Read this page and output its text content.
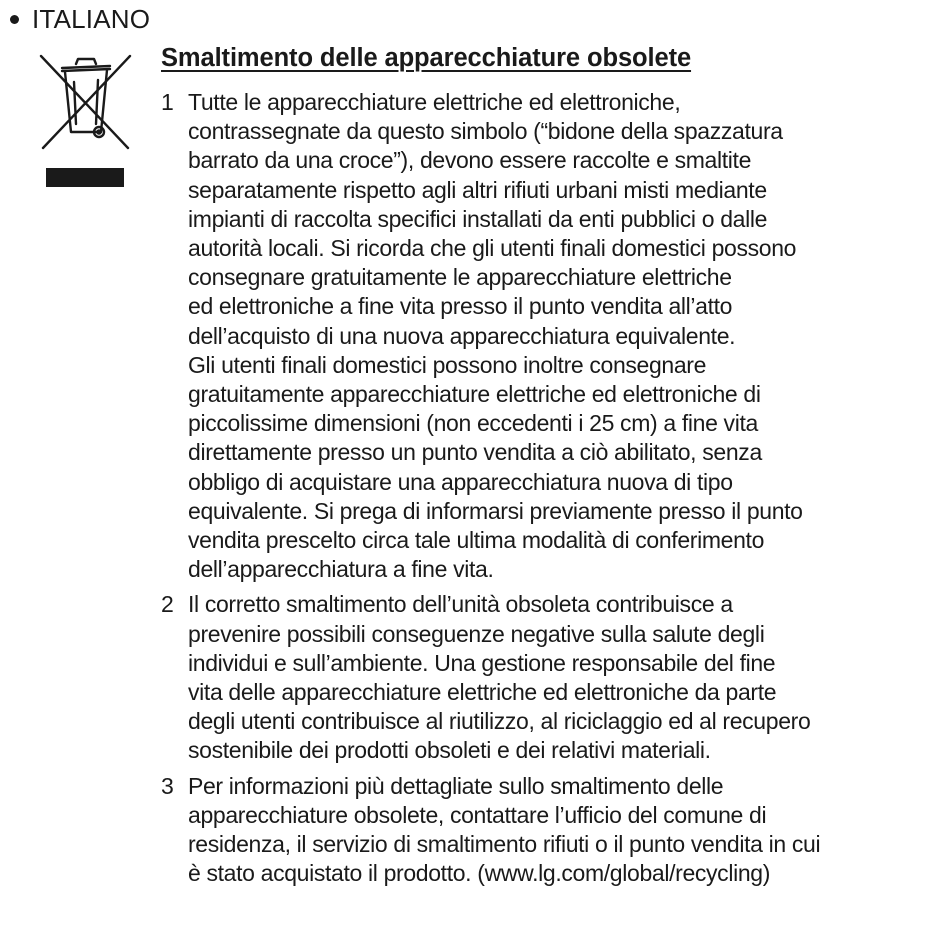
ITALIANO
Smaltimento delle apparecchiature obsolete
1 Tutte le apparecchiature elettriche ed elettroniche,
contrassegnate da questo simbolo (“bidone della spazzatura
barrato da una croce”), devono essere raccolte e smaltite
separatamente rispetto agli altri rifiuti urbani misti mediante
impianti di raccolta specifici installati da enti pubblici o dalle
autorità locali. Si ricorda che gli utenti finali domestici possono
consegnare gratuitamente le apparecchiature elettriche
ed elettroniche a fine vita presso il punto vendita all’atto
dell’acquisto di una nuova apparecchiatura equivalente.
Gli utenti finali domestici possono inoltre consegnare
gratuitamente apparecchiature elettriche ed elettroniche di
piccolissime dimensioni (non eccedenti i 25 cm) a fine vita
direttamente presso un punto vendita a ciò abilitato, senza
obbligo di acquistare una apparecchiatura nuova di tipo
equivalente. Si prega di informarsi previamente presso il punto
vendita prescelto circa tale ultima modalità di conferimento
dell’apparecchiatura a fine vita.
2 Il corretto smaltimento dell’unità obsoleta contribuisce a
prevenire possibili conseguenze negative sulla salute degli
individui e sull’ambiente. Una gestione responsabile del fine
vita delle apparecchiature elettriche ed elettroniche da parte
degli utenti contribuisce al riutilizzo, al riciclaggio ed al recupero
sostenibile dei prodotti obsoleti e dei relativi materiali.
3 Per informazioni più dettagliate sullo smaltimento delle
apparecchiature obsolete, contattare l’ufficio del comune di
residenza, il servizio di smaltimento rifiuti o il punto vendita in cui
è stato acquistato il prodotto. (www.lg.com/global/recycling)
